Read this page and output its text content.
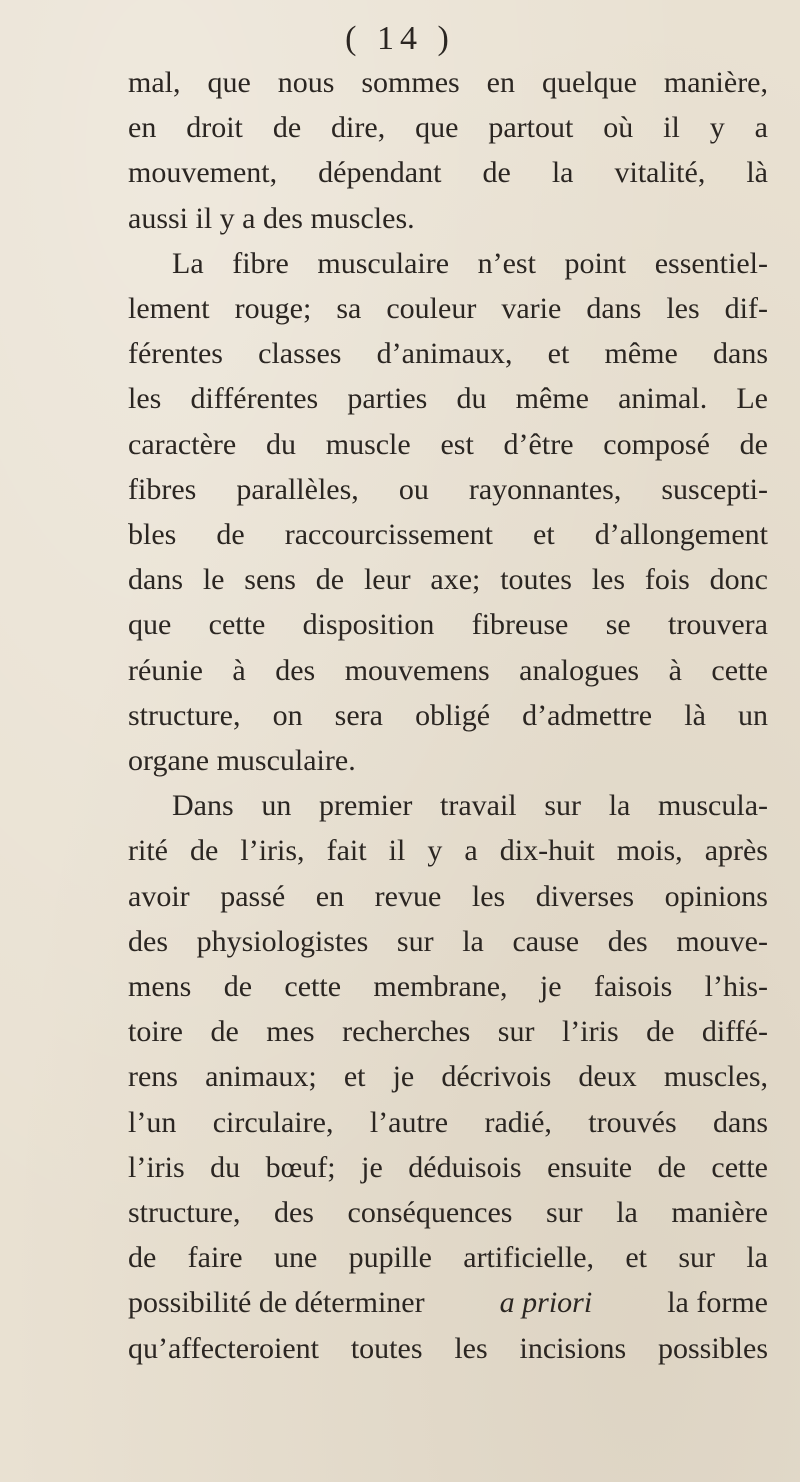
( 14 )
mal, que nous sommes en quelque manière,
en droit de dire, que partout où il y a
mouvement, dépendant de la vitalité, là
aussi il y a des muscles.
La fibre musculaire n’est point essentiel-
lement rouge; sa couleur varie dans les dif-
férentes classes d’animaux, et même dans
les différentes parties du même animal. Le
caractère du muscle est d’être composé de
fibres parallèles, ou rayonnantes, suscepti-
bles de raccourcissement et d’allongement
dans le sens de leur axe; toutes les fois donc
que cette disposition fibreuse se trouvera
réunie à des mouvemens analogues à cette
structure, on sera obligé d’admettre là un
organe musculaire.
Dans un premier travail sur la muscula-
rité de l’iris, fait il y a dix-huit mois, après
avoir passé en revue les diverses opinions
des physiologistes sur la cause des mouve-
mens de cette membrane, je faisois l’his-
toire de mes recherches sur l’iris de diffé-
rens animaux; et je décrivois deux muscles,
l’un circulaire, l’autre radié, trouvés dans
l’iris du bœuf; je déduisois ensuite de cette
structure, des conséquences sur la manière
de faire une pupille artificielle, et sur la
possibilité de déterminer	a priori	la forme
qu’affecteroient toutes les incisions possibles
